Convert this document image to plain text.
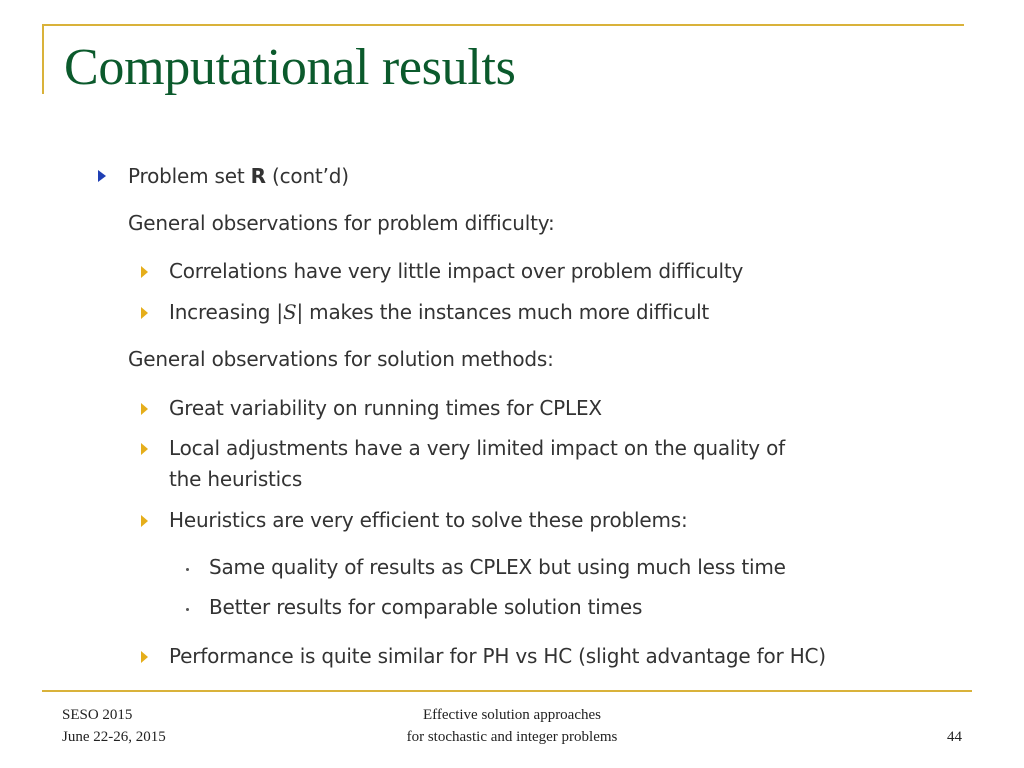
Computational results
Problem set R (cont’d)
General observations for problem difficulty:
Correlations have very little impact over problem difficulty
Increasing |S| makes the instances much more difficult
General observations for solution methods:
Great variability on running times for CPLEX
Local adjustments have a very limited impact on the quality of
the heuristics
Heuristics are very efficient to solve these problems:
Same quality of results as CPLEX but using much less time
Better results for comparable solution times
Performance is quite similar for PH vs HC (slight advantage for HC)
SESO 2015
June 22-26, 2015
Effective solution approaches
for stochastic and integer problems	44
